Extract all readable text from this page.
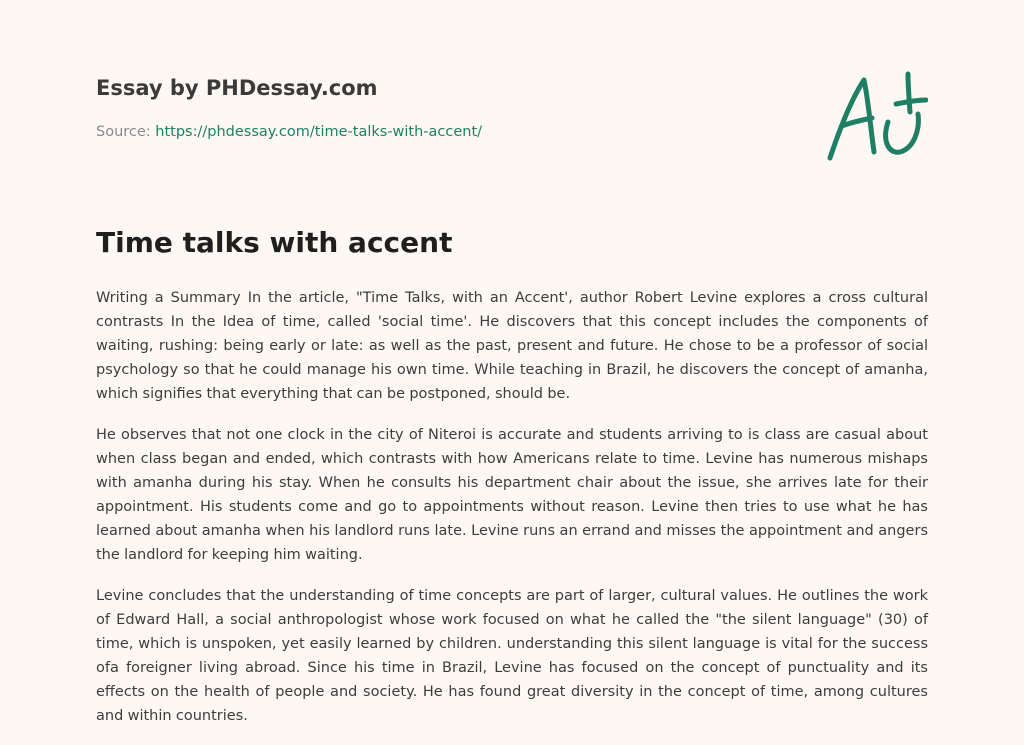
Essay by PHDessay.com
Source: https://phdessay.com/time-talks-with-accent/
Time talks with accent

Writing a Summary In the article, "Time Talks, with an Accent', author Robert Levine explores a cross cultural contrasts In the Idea of time, called 'social time'. He discovers that this concept includes the components of waiting, rushing: being early or late: as well as the past, present and future. He chose to be a professor of social psychology so that he could manage his own time. While teaching in Brazil, he discovers the concept of amanha, which signifies that everything that can be postponed, should be.

He observes that not one clock in the city of Niteroi is accurate and students arriving to is class are casual about when class began and ended, which contrasts with how Americans relate to time. Levine has numerous mishaps with amanha during his stay. When he consults his department chair about the issue, she arrives late for their appointment. His students come and go to appointments without reason. Levine then tries to use what he has learned about amanha when his landlord runs late. Levine runs an errand and misses the appointment and angers the landlord for keeping him waiting.

Levine concludes that the understanding of time concepts are part of larger, cultural values. He outlines the work of Edward Hall, a social anthropologist whose work focused on what he called the "the silent language" (30) of time, which is unspoken, yet easily learned by children. understanding this silent language is vital for the success ofa foreigner living abroad. Since his time in Brazil, Levine has focused on the concept of punctuality and its effects on the health of people and society. He has found great diversity in the concept of time, among cultures and within countries.
